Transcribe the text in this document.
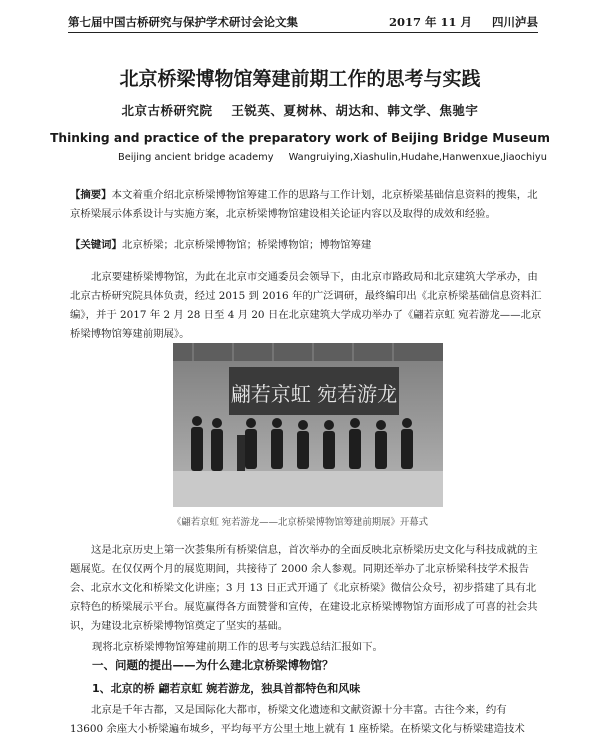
第七届中国古桥研究与保护学术研讨会论文集	2017 年 11 月 四川泸县
北京桥梁博物馆筹建前期工作的思考与实践
北京古桥研究院 王锐英、夏树林、胡达和、韩文学、焦驰宇
Thinking and practice of the preparatory work of Beijing Bridge Museum
Beijing ancient bridge academy Wangruiying,Xiashulin,Hudahe,Hanwenxue,Jiaochiyu
【摘要】本文着重介绍北京桥梁博物馆筹建工作的思路与工作计划，北京桥梁基础信息资料的搜集，北京桥梁展示体系设计与实施方案，北京桥梁博物馆建设相关论证内容以及取得的成效和经验。
【关键词】北京桥梁；北京桥梁博物馆；桥梁博物馆；博物馆筹建
北京要建桥梁博物馆，为此在北京市交通委员会领导下，由北京市路政局和北京建筑大学承办，由北京古桥研究院具体负责，经过 2015 到 2016 年的广泛调研，最终编印出《北京桥梁基础信息资料汇编》，并于 2017 年 2 月 28 日至 4 月 20 日在北京建筑大学成功举办了《翩若京虹 宛若游龙——北京桥梁博物馆筹建前期展》。
翩若京虹 宛若游龙
《翩若京虹 宛若游龙——北京桥梁博物馆筹建前期展》开幕式
这是北京历史上第一次荟集所有桥梁信息，首次举办的全面反映北京桥梁历史文化与科技成就的主题展览。在仅仅两个月的展览期间，共接待了 2000 余人参观。同期还举办了北京桥梁科技学术报告会、北京水文化和桥梁文化讲座；3 月 13 日正式开通了《北京桥梁》微信公众号，初步搭建了具有北京特色的桥梁展示平台。展览赢得各方面赞誉和宣传，在建设北京桥梁博物馆方面形成了可喜的社会共识，为建设北京桥梁博物馆奠定了坚实的基础。
现将北京桥梁博物馆筹建前期工作的思考与实践总结汇报如下。
一、问题的提出——为什么建北京桥梁博物馆？
1、北京的桥 翩若京虹 婉若游龙，独具首都特色和风味
北京是千年古都，又是国际化大都市，桥梁文化遗迹和文献资源十分丰富。古往今来，约有 13600 余座大小桥梁遍布城乡，平均每平方公里土地上就有 1 座桥梁。在桥梁文化与桥梁建造技术
